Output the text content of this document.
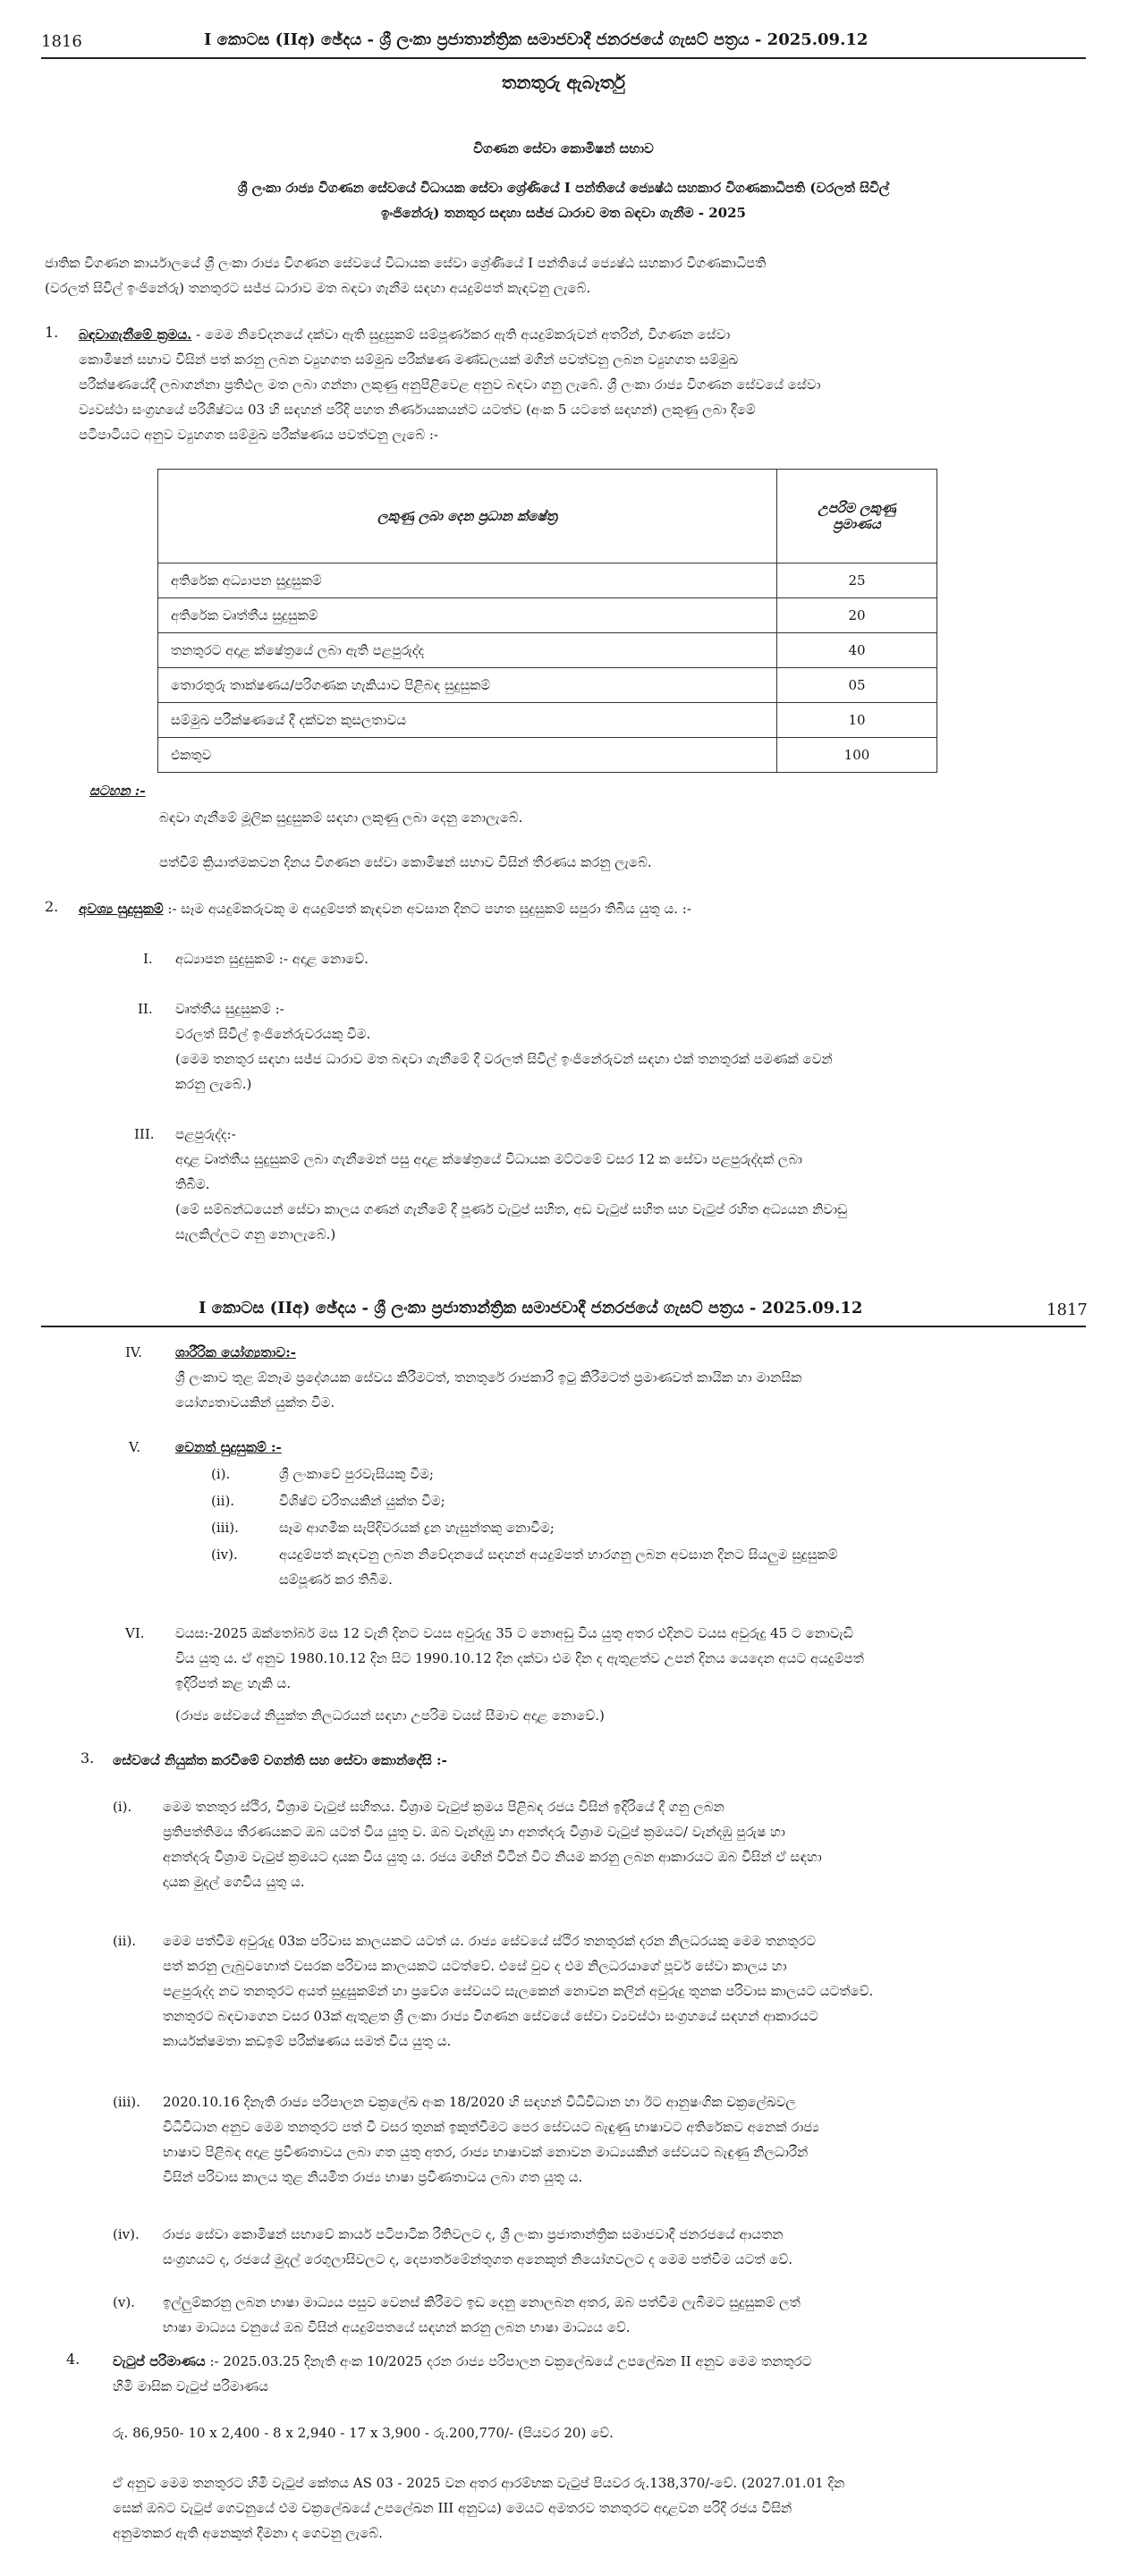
1816	I කොටස (IIඅ) ඡේදය - ශ්‍රී ලංකා ප්‍රජාතාන්ත්‍රික සමාජවාදී ජනරජයේ ගැසට් පත්‍රය - 2025.09.12
තනතුරු ඇබෑර්තු
විගණන සේවා කොමිෂන් සභාව
ශ්‍රී ලංකා රාජ්‍ය විගණන සේවයේ විධායක සේවා ශ්‍රේණියේ I පන්තියේ ජ්‍යෙෂ්ඨ සහකාර විගණකාධිපති (වරලත් සිවිල්
ඉංජිනේරු) තනතුර සඳහා සජ්ජ ධාරාව මත බඳවා ගැනීම - 2025

ජාතික විගණන කාර්යාලයේ ශ්‍රී ලංකා රාජ්‍ය විගණන සේවයේ විධායක සේවා ශ්‍රේණියේ I පන්තියේ ජ්‍යෙෂ්ඨ සහකාර විගණකාධිපති

(වරලත් සිවිල් ඉංජිනේරු) තනතුරට සජ්ජ ධාරාව මත බඳවා ගැනීම සඳහා අයදුම්පත් කැඳවනු ලැබේ.

1. බඳවාගැනීමේ ක්‍රමය. - මෙම නිවේදනයේ දක්වා ඇති සුදුසුකම් සම්පූර්ණකර ඇති අයදුම්කරුවන් අතරින්, විගණන සේවා
කොමිෂන් සභාව විසින් පත් කරනු ලබන ව්‍යුහගත සම්මුඛ පරීක්ෂණ මණ්ඩලයක් මගින් පවත්වනු ලබන ව්‍යුහගත සම්මුඛ
පරීක්ෂණයේදී ලබාගන්නා ප්‍රතිඵල මත ලබා ගන්නා ලකුණු අනුපිළිවෙළ අනුව බඳවා ගනු ලැබේ. ශ්‍රී ලංකා රාජ්‍ය විගණන සේවයේ සේවා
ව්‍යවස්ථා සංග්‍රහයේ පරිශිෂ්ටය 03 හි සඳහන් පරිදි පහත නිර්ණායකයන්ට යටත්ව (අංක 5 යටතේ සඳහන්) ලකුණු ලබා දීමේ
පටිපාටියට අනුව ව්‍යුහගත සම්මුඛ පරීක්ෂණය පවත්වනු ලැබේ :-
ලකුණු ලබා දෙන ප්‍රධාන ක්ෂේත්‍ර	උපරිම ලකුණු
ප්‍රමාණය

අතිරේක අධ්‍යාපන සුදුසුකම්	25
අතිරේක වෘත්තීය සුදුසුකම්	20
තනතුරට අදාළ ක්ෂේත්‍රයේ ලබා ඇති පළපුරුද්ද	40
තොරතුරු තාක්ෂණය/පරිගණක හැකියාව පිළිබඳ සුදුසුකම්	05
සම්මුඛ පරීක්ෂණයේ දී දක්වන කුසලතාවය	10
එකතුව	100
සටහන :-
බඳවා ගැනීමේ මූලික සුදුසුකම් සඳහා ලකුණු ලබා දෙනු නොලැබේ.
පත්වීම් ක්‍රියාත්මකවන දිනය විගණන සේවා කොමිෂන් සභාව විසින් තීරණය කරනු ලැබේ.
2. අවශ්‍ය සුදුසුකම් :- සෑම අයදුම්කරුවකු ම අයදුම්පත් කැඳවන අවසාන දිනට පහත සුදුසුකම් සපුරා තිබිය යුතු ය. :-
I. අධ්‍යාපන සුදුසුකම් :- අදාළ නොවේ.
II. වෘත්තීය සුදුසුකම් :-
වරලත් සිවිල් ඉංජිනේරුවරයකු වීම.
(මෙම තනතුර සඳහා සජ්ජ ධාරාව මත බඳවා ගැනීමේ දී වරලත් සිවිල් ඉංජිනේරුවන් සඳහා එක් තනතුරක් පමණක් වෙන්
කරනු ලැබේ.)
III. පළපුරුද්ද:-
අදාළ වෘත්තීය සුදුසුකම් ලබා ගැනීමෙන් පසු අදාළ ක්ෂේත්‍රයේ විධායක මට්ටමේ වසර 12 ක සේවා පළපුරුද්දක් ලබා
තිබීම.
(මේ සම්බන්ධයෙන් සේවා කාලය ගණන් ගැනීමේ දී පූර්ණ වැටුප් සහිත, අඩ වැටුප් සහිත සහ වැටුප් රහිත අධ්‍යයන නිවාඩු
සැලකිල්ලට ගනු නොලැබේ.)
I කොටස (IIඅ) ඡේදය - ශ්‍රී ලංකා ප්‍රජාතාන්ත්‍රික සමාජවාදී ජනරජයේ ගැසට් පත්‍රය - 2025.09.12	1817
IV. ශාරීරික යෝග්‍යතාව:-
ශ්‍රී ලංකාව තුළ ඕනෑම ප්‍රදේශයක සේවය කිරීමටත්, තනතුරේ රාජකාරි ඉටු කිරීමටත් ප්‍රමාණවත් කායික හා මානසික
යෝග්‍යතාවයකින් යුක්ත වීම.
V.	වෙනත් සුදුසුකම් :-
(i).	ශ්‍රී ලංකාවේ පුරවැසියකු වීම;
(ii).	විශිෂ්ට චරිතයකින් යුක්ත වීම;
(iii).	සෑම ආගමික සැපිදිවරයක් ද්‍රන හැසුන්තකු නොවීම;
(iv).	අයදුම්පත් කැඳවනු ලබන නිවේදනයේ සඳහන් අයදුම්පත් භාරගනු ලබන අවසාන දිනට සියලුම සුදුසුකම්
සම්පූර්ණ කර තිබීම.
VI. වයස:-2025 ඔක්තෝබර් මස 12 වැනි දිනට වයස අවුරුදු 35 ට නොඅඩු විය යුතු අතර එදිනට වයස අවුරුදු 45 ට නොවැඩි
විය යුතු ය. ඒ අනුව 1980.10.12 දින සිට 1990.10.12 දින දක්වා එම දින ද ඇතුළත්ව උපන් දිනය යෙදෙන අයට අයදුම්පත්
ඉදිරිපත් කළ හැකි ය.
(රාජ්‍ය සේවයේ නියුක්ත නිලධරයන් සඳහා උපරිම වයස් සීමාව අදාළ නොවේ.)
3. සේවයේ නියුක්ත කරවීමේ වගන්ති සහ සේවා කොන්දේසි :-
(i). මෙම තනතුර ස්ථිර, විශ්‍රාම වැටුප් සහිතය. විශ්‍රාම වැටුප් ක්‍රමය පිළිබඳ රජය විසින් ඉදිරියේ දී ගනු ලබන
ප්‍රතිපත්තිමය තීරණයකට ඔබ යටත් විය යුතු ව. ඔබ වැන්දඹු හා අනත්දරු විශ්‍රාම වැටුප් ක්‍රමයට/ වැන්දඹු පුරුෂ හා
අනත්දරු විශ්‍රාම වැටුප් ක්‍රමයට දායක විය යුතු ය. රජය මඟින් විටින් විට නියම කරනු ලබන ආකාරයට ඔබ විසින් ඒ සඳහා
දායක මුදල් ගෙවිය යුතු ය.
(ii). මෙම පත්වීම අවුරුදු 03ක පරිවාස කාලයකට යටත් ය. රාජ්‍ය සේවයේ ස්ථිර තනතුරක් දරන නිලධරයකු මෙම තනතුරට
පත් කරනු ලැබුවහොත් වසරක පරිවාස කාලයකට යටත්වේ. එසේ වුව ද එම නිලධරයාගේ පූර්ව සේවා කාලය හා
පළපුරුද්ද නව තනතුරට අයත් සුදුසුකම්න් හා ප්‍රවේශ සේවයට සැලකෙන් නොවන කලින් අවුරුදු තුනක පරිවාස කාලයට යටත්වේ.
තනතුරට බඳවාගෙන වසර 03ක් ඇතුළත ශ්‍රී ලංකා රාජ්‍ය විගණන සේවයේ සේවා ව්‍යවස්ථා සංග්‍රහයේ සඳහන් ආකාරයට
කාර්යක්ෂමතා කඩඉම් පරීක්ෂණය සමත් විය යුතු ය.
(iii). 2020.10.16 දිනැති රාජ්‍ය පරිපාලන චක්‍රලේඛ අංක 18/2020 හි සඳහන් විධිවිධාන හා ඊට ආනුෂංගික චක්‍රලේඛවල
විධිවිධාන අනුව මෙම තනතුරට පත් වී වසර තුනක් ඉකුත්වීමට පෙර සේවයට බැඳුණු භාෂාවට අතිරේකව අනෙක් රාජ්‍ය
භාෂාව පිළිබඳ අදාළ ප්‍රවීණතාවය ලබා ගත යුතු අතර, රාජ්‍ය භාෂාවක් නොවන මාධ්‍යයකින් සේවයට බැඳුණු නිලධාරීන්
විසින් පරිවාස කාලය තුළ නියමිත රාජ්‍ය භාෂා ප්‍රවීණතාවය ලබා ගත යුතු ය.
(iv). රාජ්‍ය සේවා කොමිෂන් සභාවේ කාර්ය පටිපාටික රීතිවලට ද, ශ්‍රී ලංකා ප්‍රජාතාන්ත්‍රික සමාජවාදී ජනරජයේ ආයතන
සංග්‍රහයට ද, රජයේ මුදල් රෙගුලාසිවලට ද, දෙපාර්තමේන්තුගත අනෙකුත් නියෝගවලට ද මෙම පත්වීම යටත් වේ.
(v). ඉල්ලුම්කරනු ලබන භාෂා මාධ්‍යය පසුව වෙනස් කිරීමට ඉඩ දෙනු නොලබන අතර, ඔබ පත්වීම ලැබීමට සුදුසුකම් ලත්
භාෂා මාධ්‍යය වනුයේ ඔබ විසින් අයදුම්පතයේ සඳහන් කරනු ලබන භාෂා මාධ්‍යය වේ.
4. වැටුප් පරිමාණය :- 2025.03.25 දිනැති අංක 10/2025 දරන රාජ්‍ය පරිපාලන චක්‍රලේඛයේ උපලේඛන II අනුව මෙම තනතුරට
හිමි මාසික වැටුප් පරිමාණය
රු. 86,950- 10 x 2,400 - 8 x 2,940 - 17 x 3,900 - රු.200,770/- (පියවර 20) වේ.
ඒ අනුව මෙම තනතුරට හිමි වැටුප් කේතය AS 03 - 2025 වන අතර ආරම්භක වැටුප් පියවර රු.138,370/-වේ. (2027.01.01 දින
සෙක් ඔබට වැටුප් ගෙවනුයේ එම චක්‍රලේඛයේ උපලේඛන III අනුවය) මෙයට අමතරව තනතුරට අදාළවන පරිදි රජය විසින්
අනුමතකර ඇති අනෙකුත් දීමනා ද ගෙවනු ලැබේ.
